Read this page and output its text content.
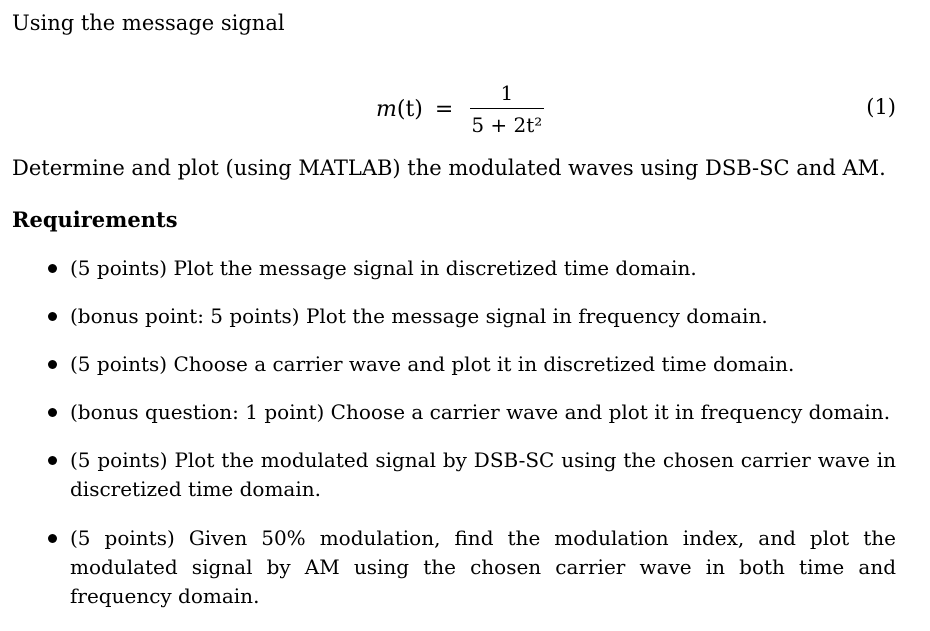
Using the message signal
$m(t) = \frac{1}{\text{5 + 2t²}}$	(1)
Determine and plot (using MATLAB) the modulated waves using DSB-SC and AM.
Requirements
(5 points) Plot the message signal in discretized time domain.
(bonus point: 5 points) Plot the message signal in frequency domain.
(5 points) Choose a carrier wave and plot it in discretized time domain.
(bonus question: 1 point) Choose a carrier wave and plot it in frequency domain.
(5 points) Plot the modulated signal by DSB-SC using the chosen carrier wave in discretized time domain.
(5 points) Given 50% modulation, find the modulation index, and plot the modulated signal by AM using the chosen carrier wave in both time and frequency domain.
